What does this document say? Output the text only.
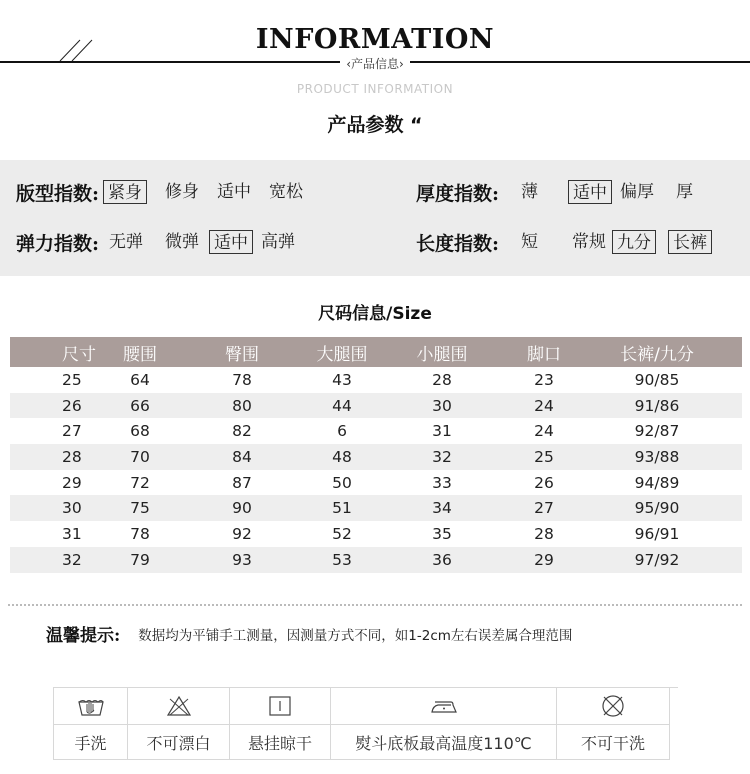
INFORMATION
‹产品信息›
PRODUCT INFORMATION
产品参数 “
版型指数: 紧身 修身 适中 宽松	厚度指数: 薄 适中 偏厚 厚
弹力指数: 无弹 微弹 适中 高弹	长度指数: 短 常规 九分 长裤
尺码信息/Size
尺寸	腰围	臀围	大腿围	小腿围	脚口	长裤/九分
25	64	78	43	28	23	90/85
26	66	80	44	30	24	91/86
27	68	82	6	31	24	92/87
28	70	84	48	32	25	93/88
29	72	87	50	33	26	94/89
30	75	90	51	34	27	95/90
31	78	92	52	35	28	96/91
32	79	93	53	36	29	97/92
温馨提示: 数据均为平铺手工测量，因测量方式不同，如1-2cm左右误差属合理范围
手洗	不可漂白	悬挂晾干	熨斗底板最高温度110℃	不可干洗
